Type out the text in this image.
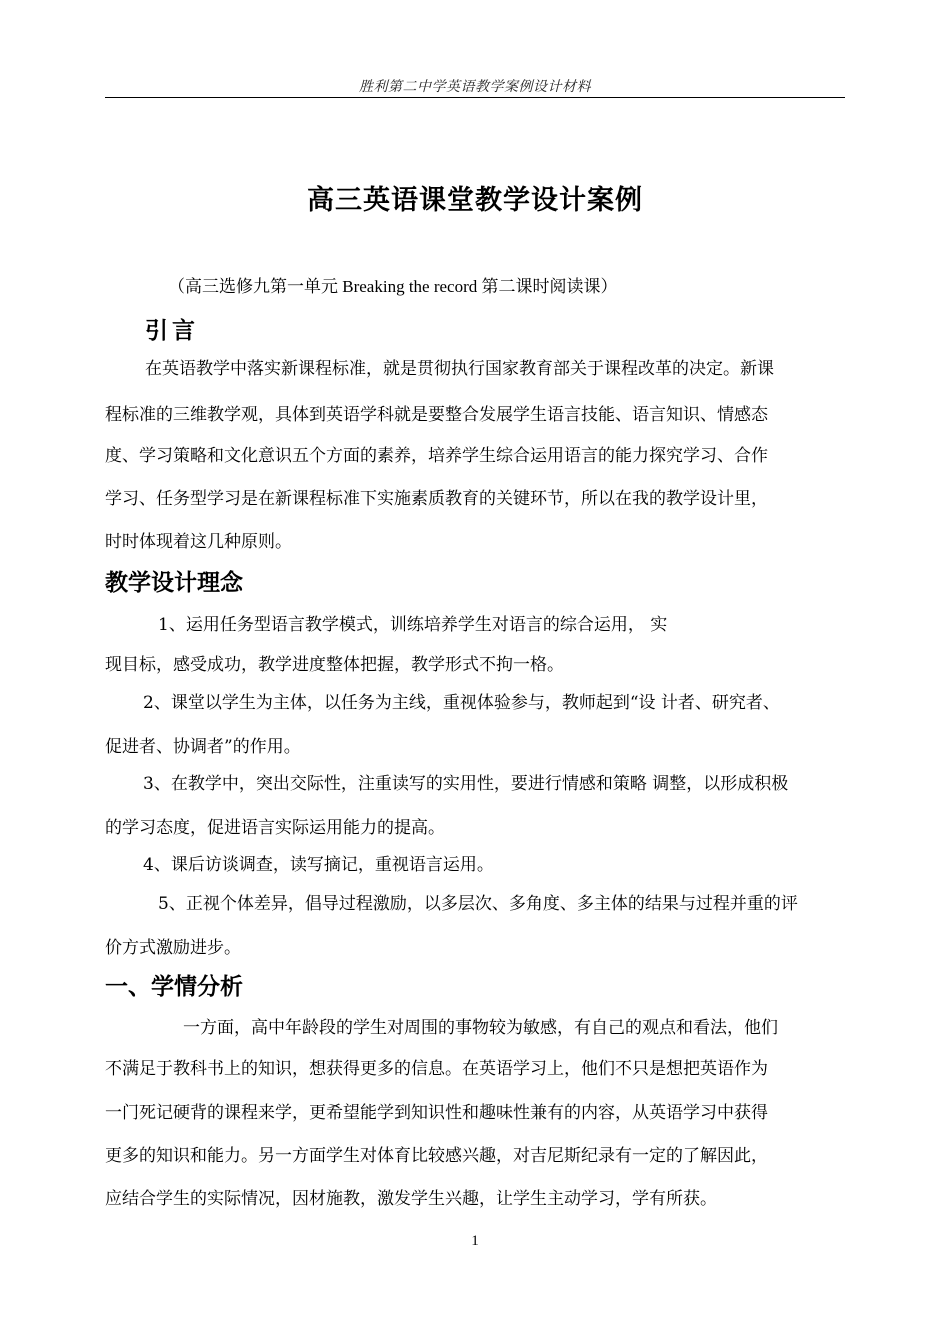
胜利第二中学英语教学案例设计材料
高三英语课堂教学设计案例
（高三选修九第一单元 Breaking the record 第二课时阅读课）
引言
在英语教学中落实新课程标准，就是贯彻执行国家教育部关于课程改革的决定。新课
程标准的三维教学观，具体到英语学科就是要整合发展学生语言技能、语言知识、情感态
度、学习策略和文化意识五个方面的素养，培养学生综合运用语言的能力探究学习、合作
学习、任务型学习是在新课程标准下实施素质教育的关键环节，所以在我的教学设计里，
时时体现着这几种原则。
教学设计理念
1、运用任务型语言教学模式，训练培养学生对语言的综合运用， 实
现目标，感受成功，教学进度整体把握，教学形式不拘一格。
2、课堂以学生为主体，以任务为主线，重视体验参与，教师起到“设 计者、研究者、
促进者、协调者”的作用。
3、在教学中，突出交际性，注重读写的实用性，要进行情感和策略 调整，以形成积极
的学习态度，促进语言实际运用能力的提高。
4、课后访谈调查，读写摘记，重视语言运用。
5、正视个体差异，倡导过程激励，以多层次、多角度、多主体的结果与过程并重的评
价方式激励进步。
一、学情分析
一方面，高中年龄段的学生对周围的事物较为敏感，有自己的观点和看法，他们
不满足于教科书上的知识，想获得更多的信息。在英语学习上，他们不只是想把英语作为
一门死记硬背的课程来学，更希望能学到知识性和趣味性兼有的内容，从英语学习中获得
更多的知识和能力。另一方面学生对体育比较感兴趣，对吉尼斯纪录有一定的了解因此，
应结合学生的实际情况，因材施教，激发学生兴趣，让学生主动学习，学有所获。
1
